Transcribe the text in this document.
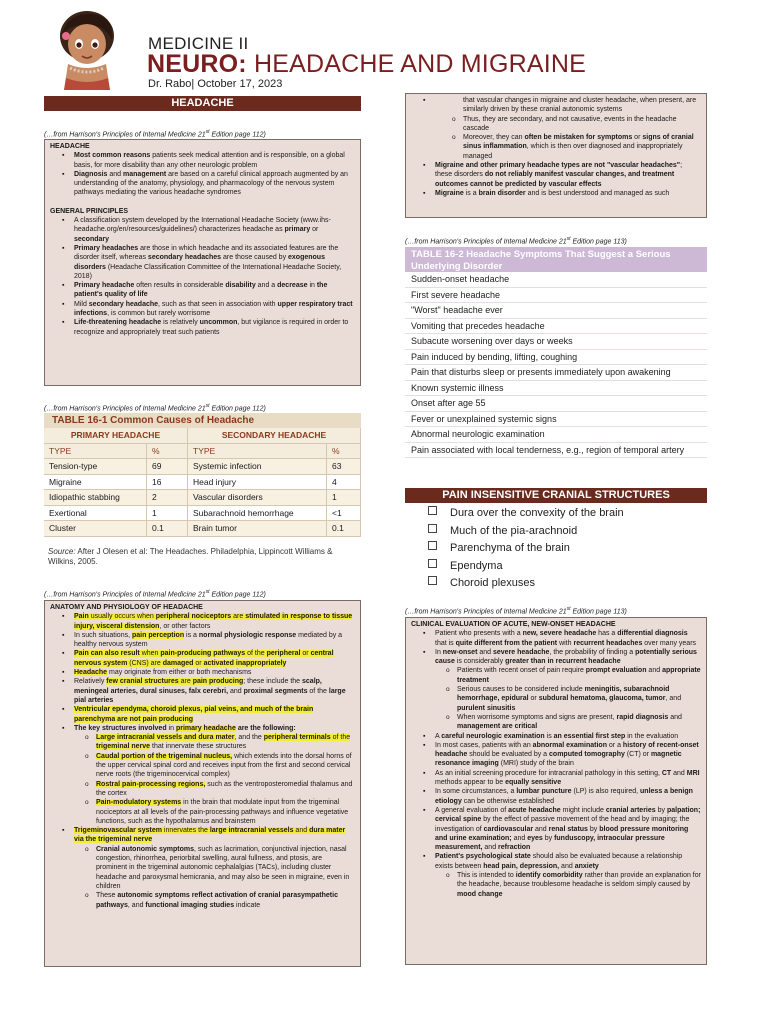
MEDICINE II
NEURO: HEADACHE AND MIGRAINE
Dr. Rabo| October 17, 2023
HEADACHE
(…from Harrison's Principles of Internal Medicine 21st Edition page 112)
HEADACHE
▪ Most common reasons patients seek medical attention and is responsible, on a global basis, for more disability than any other neurologic problem
▪ Diagnosis and management are based on a careful clinical approach augmented by an understanding of the anatomy, physiology, and pharmacology of the nervous system pathways mediating the various headache syndromes
GENERAL PRINCIPLES
▪ A classification system developed by the International Headache Society (www.ihs-headache.org/en/resources/guidelines/) characterizes headache as primary or secondary
▪ Primary headaches are those in which headache and its associated features are the disorder itself, whereas secondary headaches are those caused by exogenous disorders (Headache Classification Committee of the International Headache Society, 2018)
▪ Primary headache often results in considerable disability and a decrease in the patient's quality of life
▪ Mild secondary headache, such as that seen in association with upper respiratory tract infections, is common but rarely worrisome
▪ Life-threatening headache is relatively uncommon, but vigilance is required in order to recognize and appropriately treat such patients
(…from Harrison's Principles of Internal Medicine 21st Edition page 112)
TABLE 16-1 Common Causes of Headache
PRIMARY HEADACHE		SECONDARY HEADACHE	
TYPE	%	TYPE	%
Tension-type	69	Systemic infection	63
Migraine	16	Head injury	4
Idiopathic stabbing	2	Vascular disorders	1
Exertional	1	Subarachnoid hemorrhage	<1
Cluster	0.1	Brain tumor	0.1
Source: After J Olesen et al: The Headaches. Philadelphia, Lippincott Williams & Wilkins, 2005.
(…from Harrison's Principles of Internal Medicine 21st Edition page 112)
ANATOMY AND PHYSIOLOGY OF HEADACHE
▪ Pain usually occurs when peripheral nociceptors are stimulated in response to tissue injury, visceral distension, or other factors
▪ In such situations, pain perception is a normal physiologic response mediated by a healthy nervous system
▪ Pain can also result when pain-producing pathways of the peripheral or central nervous system (CNS) are damaged or activated inappropriately
▪ Headache may originate from either or both mechanisms
▪ Relatively few cranial structures are pain producing; these include the scalp, meningeal arteries, dural sinuses, falx cerebri, and proximal segments of the large pial arteries
▪ Ventricular ependyma, choroid plexus, pial veins, and much of the brain parenchyma are not pain producing
▪ The key structures involved in primary headache are the following:
o Large intracranial vessels and dura mater, and the peripheral terminals of the trigeminal nerve that innervate these structures
o Caudal portion of the trigeminal nucleus, which extends into the dorsal horns of the upper cervical spinal cord and receives input from the first and second cervical nerve roots (the trigeminocervical complex)
o Rostral pain-processing regions, such as the ventroposteromedial thalamus and the cortex
o Pain-modulatory systems in the brain that modulate input from the trigeminal nociceptors at all levels of the pain-processing pathways and influence vegetative functions, such as the hypothalamus and brainstem
▪ Trigeminovascular system innervates the large intracranial vessels and dura mater via the trigeminal nerve
o Cranial autonomic symptoms, such as lacrimation, conjunctival injection, nasal congestion, rhinorrhea, periorbital swelling, aural fullness, and ptosis, are prominent in the trigeminal autonomic cephalalgias (TACs), including cluster headache and paroxysmal hemicrania, and may also be seen in migraine, even in children
o These autonomic symptoms reflect activation of cranial parasympathetic pathways, and functional imaging studies indicate
▪ that vascular changes in migraine and cluster headache, when present, are similarly driven by these cranial autonomic systems
o Thus, they are secondary, and not causative, events in the headache cascade
o Moreover, they can often be mistaken for symptoms or signs of cranial sinus inflammation, which is then over diagnosed and inappropriately managed
▪ Migraine and other primary headache types are not "vascular headaches"; these disorders do not reliably manifest vascular changes, and treatment outcomes cannot be predicted by vascular effects
▪ Migraine is a brain disorder and is best understood and managed as such
(…from Harrison's Principles of Internal Medicine 21st Edition page 113)
TABLE 16-2 Headache Symptoms That Suggest a Serious Underlying Disorder
Sudden-onset headache
First severe headache
"Worst" headache ever
Vomiting that precedes headache
Subacute worsening over days or weeks
Pain induced by bending, lifting, coughing
Pain that disturbs sleep or presents immediately upon awakening
Known systemic illness
Onset after age 55
Fever or unexplained systemic signs
Abnormal neurologic examination
Pain associated with local tenderness, e.g., region of temporal artery
PAIN INSENSITIVE CRANIAL STRUCTURES
Dura over the convexity of the brain
Much of the pia-arachnoid
Parenchyma of the brain
Ependyma
Choroid plexuses
(…from Harrison's Principles of Internal Medicine 21st Edition page 113)
CLINICAL EVALUATION OF ACUTE, NEW-ONSET HEADACHE
▪ Patient who presents with a new, severe headache has a differential diagnosis that is quite different from the patient with recurrent headaches over many years
▪ In new-onset and severe headache, the probability of finding a potentially serious cause is considerably greater than in recurrent headache
o Patients with recent onset of pain require prompt evaluation and appropriate treatment
o Serious causes to be considered include meningitis, subarachnoid hemorrhage, epidural or subdural hematoma, glaucoma, tumor, and purulent sinusitis
o When worrisome symptoms and signs are present, rapid diagnosis and management are critical
▪ A careful neurologic examination is an essential first step in the evaluation
▪ In most cases, patients with an abnormal examination or a history of recent-onset headache should be evaluated by a computed tomography (CT) or magnetic resonance imaging (MRI) study of the brain
▪ As an initial screening procedure for intracranial pathology in this setting, CT and MRI methods appear to be equally sensitive
▪ In some circumstances, a lumbar puncture (LP) is also required, unless a benign etiology can be otherwise established
▪ A general evaluation of acute headache might include cranial arteries by palpation; cervical spine by the effect of passive movement of the head and by imaging; the investigation of cardiovascular and renal status by blood pressure monitoring and urine examination; and eyes by funduscopy, intraocular pressure measurement, and refraction
▪ Patient's psychological state should also be evaluated because a relationship exists between head pain, depression, and anxiety
o This is intended to identify comorbidity rather than provide an explanation for the headache, because troublesome headache is seldom simply caused by mood change
